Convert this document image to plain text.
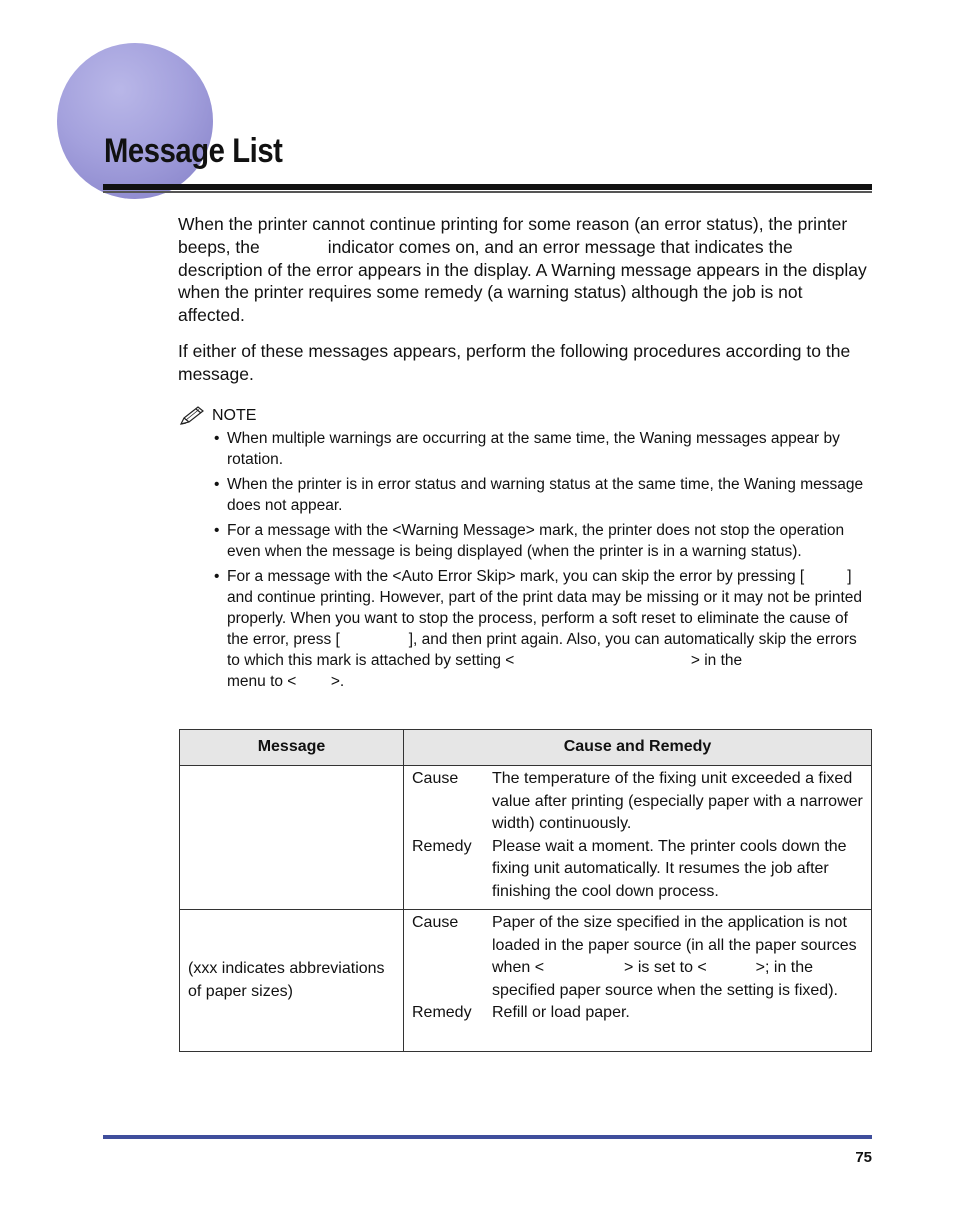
Message List

When the printer cannot continue printing for some reason (an error status), the printer beeps, the              indicator comes on, and an error message that indicates the description of the error appears in the display. A Warning message appears in the display when the printer requires some remedy (a warning status) although the job is not affected.

If either of these messages appears, perform the following procedures according to the message.

NOTE
• When multiple warnings are occurring at the same time, the Waning messages appear by rotation.
• When the printer is in error status and warning status at the same time, the Waning message does not appear.
• For a message with the <Warning Message> mark, the printer does not stop the operation even when the message is being displayed (when the printer is in a warning status).
• For a message with the <Auto Error Skip> mark, you can skip the error by pressing [          ] and continue printing. However, part of the print data may be missing or it may not be printed properly. When you want to stop the process, perform a soft reset to eliminate the cause of the error, press [                ], and then print again. Also, you can automatically skip the errors to which this mark is attached by setting <                                         > in the                        menu to <        >.
Message	Cause and Remedy

	Cause The temperature of the fixing unit exceeded a fixed value after printing (especially paper with a narrower width) continuously.
Remedy Please wait a moment. The printer cools down the fixing unit automatically. It resumes the job after finishing the cool down process.

(xxx indicates abbreviations of paper sizes)	Cause Paper of the size specified in the application is not loaded in the paper source (in all the paper sources when <                  > is set to <           >; in the specified paper source when the setting is fixed).
Remedy Refill or load paper.
75
